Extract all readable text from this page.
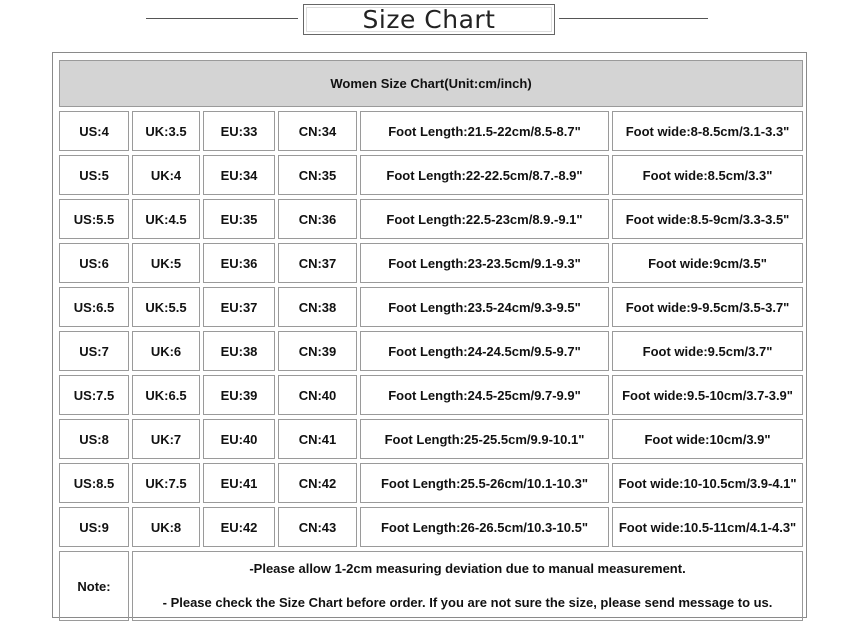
Size Chart
Women Size Chart(Unit:cm/inch)					
US:4	UK:3.5	EU:33	CN:34	Foot Length:21.5-22cm/8.5-8.7"	Foot wide:8-8.5cm/3.1-3.3"
US:5	UK:4	EU:34	CN:35	Foot Length:22-22.5cm/8.7.-8.9"	Foot wide:8.5cm/3.3"
US:5.5	UK:4.5	EU:35	CN:36	Foot Length:22.5-23cm/8.9.-9.1"	Foot wide:8.5-9cm/3.3-3.5"
US:6	UK:5	EU:36	CN:37	Foot Length:23-23.5cm/9.1-9.3"	Foot wide:9cm/3.5"
US:6.5	UK:5.5	EU:37	CN:38	Foot Length:23.5-24cm/9.3-9.5"	Foot wide:9-9.5cm/3.5-3.7"
US:7	UK:6	EU:38	CN:39	Foot Length:24-24.5cm/9.5-9.7"	Foot wide:9.5cm/3.7"
US:7.5	UK:6.5	EU:39	CN:40	Foot Length:24.5-25cm/9.7-9.9"	Foot wide:9.5-10cm/3.7-3.9"
US:8	UK:7	EU:40	CN:41	Foot Length:25-25.5cm/9.9-10.1"	Foot wide:10cm/3.9"
US:8.5	UK:7.5	EU:41	CN:42	Foot Length:25.5-26cm/10.1-10.3"	Foot wide:10-10.5cm/3.9-4.1"
US:9	UK:8	EU:42	CN:43	Foot Length:26-26.5cm/10.3-10.5"	Foot wide:10.5-11cm/4.1-4.3"
Note:	-Please allow 1-2cm measuring deviation due to manual measurement.
- Please check the Size Chart before order. If you are not sure the size, please send message to us.				
